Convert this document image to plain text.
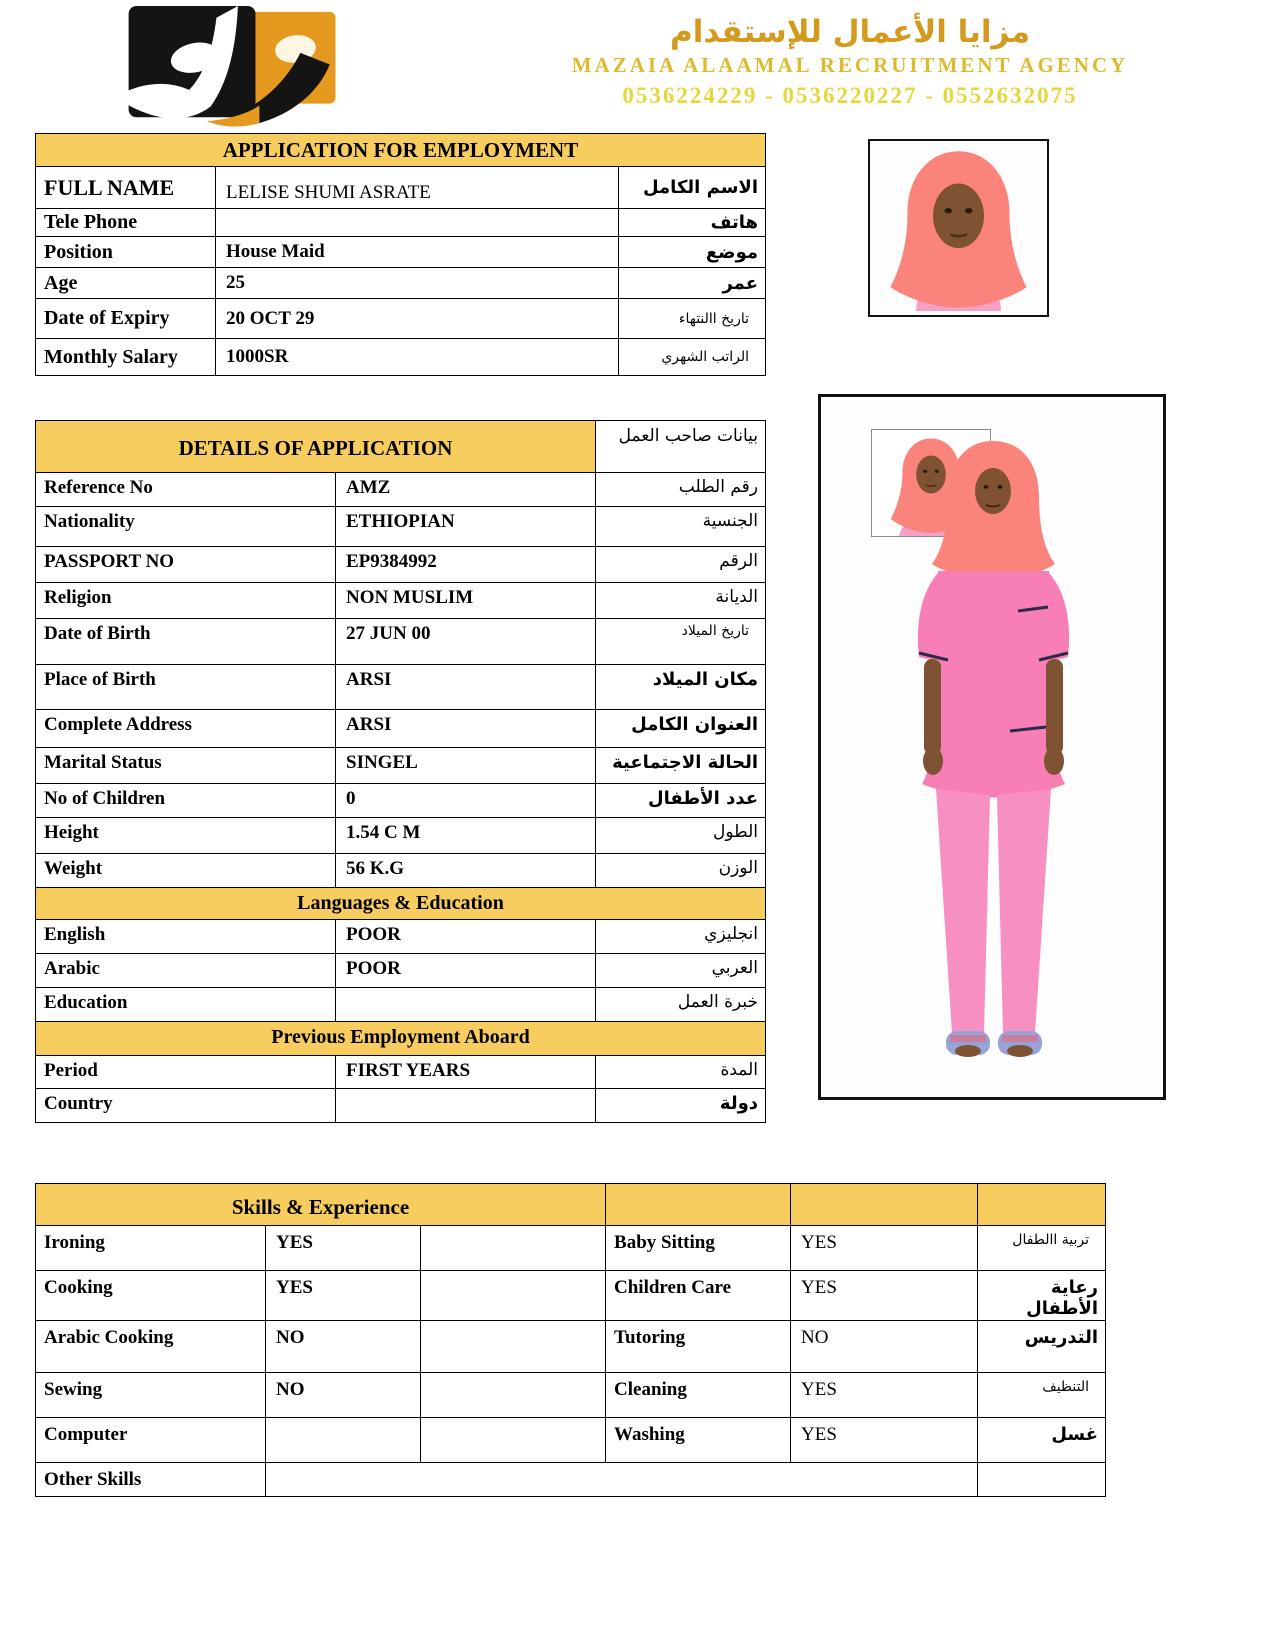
مزايا الأعمال للإستقدام
MAZAIA ALAAMAL RECRUITMENT AGENCY
0536224229 - 0536220227 - 0552632075
APPLICATION FOR EMPLOYMENT		
FULL NAME	LELISE SHUMI ASRATE	الاسم الكامل
Tele Phone		هاتف
Position	House Maid	موضع
Age	25	عمر
Date of Expiry	20 OCT 29	تاريخ االنتهاء
Monthly Salary	1000SR	الراتب الشهري
DETAILS OF APPLICATION		بيانات صاحب العمل
Reference No	AMZ	رقم الطلب
Nationality	ETHIOPIAN	الجنسية
PASSPORT NO	EP9384992	الرقم
Religion	NON MUSLIM	الديانة
Date of Birth	27 JUN 00	تاريخ الميلاد
Place of Birth	ARSI	مكان الميلاد
Complete Address	ARSI	العنوان الكامل
Marital Status	SINGEL	الحالة الاجتماعية
No of Children	0	عدد الأطفال
Height	1.54 C M	الطول
Weight	56 K.G	الوزن
Languages & Education		
English	POOR	انجليزي
Arabic	POOR	العربي
Education		خبرة العمل
Previous Employment Aboard		
Period	FIRST YEARS	المدة
Country		دولة
Skills & Experience					
Ironing	YES		Baby Sitting	YES	تربية االطفال
Cooking	YES		Children Care	YES	رعاية الأطفال
Arabic Cooking	NO		Tutoring	NO	التدريس
Sewing	NO		Cleaning	YES	التنظيف
Computer			Washing	YES	غسل
Other Skills					
